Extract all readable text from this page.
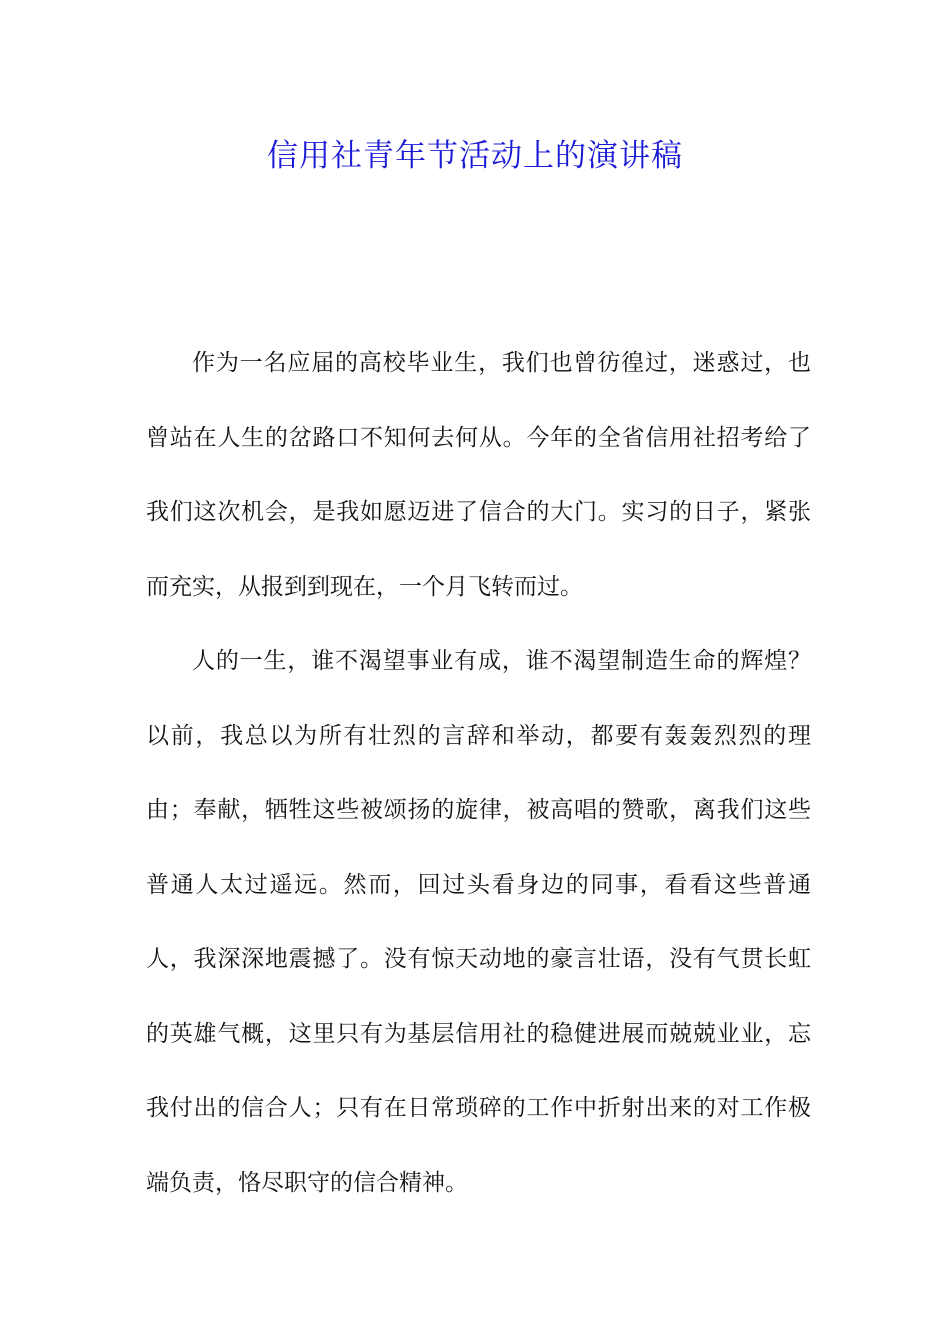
信用社青年节活动上的演讲稿

作为一名应届的高校毕业生，我们也曾彷徨过，迷惑过，也曾站在人生的岔路口不知何去何从。今年的全省信用社招考给了我们这次机会，是我如愿迈进了信合的大门。实习的日子，紧张而充实，从报到到现在，一个月飞转而过。

人的一生，谁不渴望事业有成，谁不渴望制造生命的辉煌？以前，我总以为所有壮烈的言辞和举动，都要有轰轰烈烈的理由；奉献，牺牲这些被颂扬的旋律，被高唱的赞歌，离我们这些普通人太过遥远。然而，回过头看身边的同事，看看这些普通人，我深深地震撼了。没有惊天动地的豪言壮语，没有气贯长虹的英雄气概，这里只有为基层信用社的稳健进展而兢兢业业，忘我付出的信合人；只有在日常琐碎的工作中折射出来的对工作极端负责，恪尽职守的信合精神。
